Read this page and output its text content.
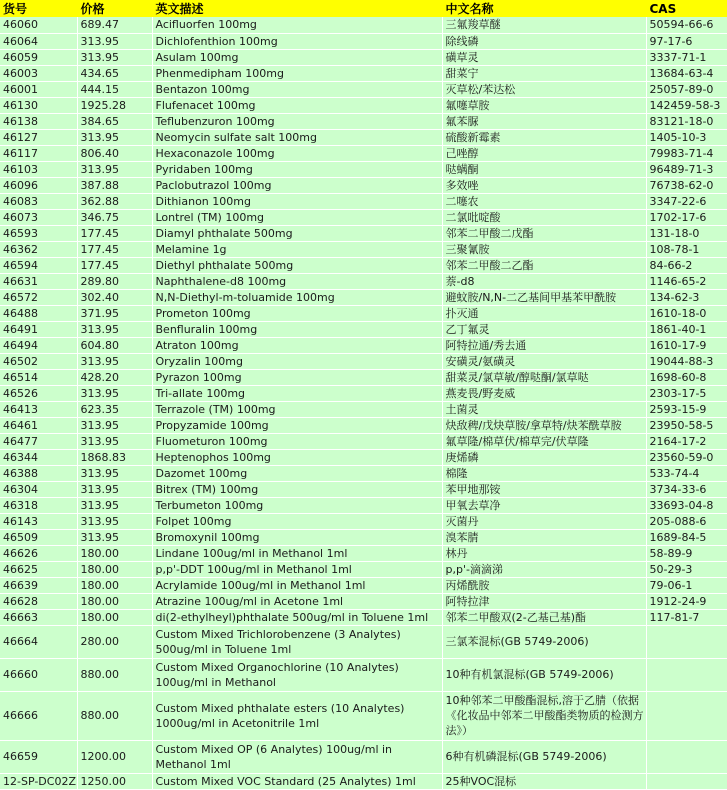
货号	价格	英文描述	中文名称	CAS
46060	689.47	Acifluorfen 100mg	三氟羧草醚	50594-66-6
46064	313.95	Dichlofenthion 100mg	除线磷	97-17-6
46059	313.95	Asulam 100mg	磺草灵	3337-71-1
46003	434.65	Phenmedipham 100mg	甜菜宁	13684-63-4
46001	444.15	Bentazon 100mg	灭草松/苯达松	25057-89-0
46130	1925.28	Flufenacet 100mg	氟噻草胺	142459-58-3
46138	384.65	Teflubenzuron 100mg	氟苯脲	83121-18-0
46127	313.95	Neomycin sulfate salt 100mg	硫酸新霉素	1405-10-3
46117	806.40	Hexaconazole 100mg	己唑醇	79983-71-4
46103	313.95	Pyridaben 100mg	哒螨酮	96489-71-3
46096	387.88	Paclobutrazol 100mg	多效唑	76738-62-0
46083	362.88	Dithianon 100mg	二噻农	3347-22-6
46073	346.75	Lontrel (TM) 100mg	二氯吡啶酸	1702-17-6
46593	177.45	Diamyl phthalate 500mg	邻苯二甲酸二戊酯	131-18-0
46362	177.45	Melamine 1g	三聚氰胺	108-78-1
46594	177.45	Diethyl phthalate 500mg	邻苯二甲酸二乙酯	84-66-2
46631	289.80	Naphthalene-d8 100mg	萘-d8	1146-65-2
46572	302.40	N,N-Diethyl-m-toluamide 100mg	避蚊胺/N,N-二乙基间甲基苯甲酰胺	134-62-3
46488	371.95	Prometon 100mg	扑灭通	1610-18-0
46491	313.95	Benfluralin 100mg	乙丁氟灵	1861-40-1
46494	604.80	Atraton 100mg	阿特拉通/秀去通	1610-17-9
46502	313.95	Oryzalin 100mg	安磺灵/氨磺灵	19044-88-3
46514	428.20	Pyrazon 100mg	甜菜灵/氯草敏/醇哒酮/氯草哒	1698-60-8
46526	313.95	Tri-allate 100mg	燕麦畏/野麦威	2303-17-5
46413	623.35	Terrazole (TM) 100mg	土菌灵	2593-15-9
46461	313.95	Propyzamide 100mg	炔敌稗/戊炔草胺/拿草特/炔苯酰草胺	23950-58-5
46477	313.95	Fluometuron 100mg	氟草隆/棉草伏/棉草完/伏草隆	2164-17-2
46344	1868.83	Heptenophos 100mg	庚烯磷	23560-59-0
46388	313.95	Dazomet 100mg	棉隆	533-74-4
46304	313.95	Bitrex (TM) 100mg	苯甲地那铵	3734-33-6
46318	313.95	Terbumeton 100mg	甲氧去草净	33693-04-8
46143	313.95	Folpet 100mg	灭菌丹	205-088-6
46509	313.95	Bromoxynil 100mg	溴苯腈	1689-84-5
46626	180.00	Lindane 100ug/ml in Methanol 1ml	林丹	58-89-9
46625	180.00	p,p'-DDT 100ug/ml in Methanol 1ml	p,p'-滴滴涕	50-29-3
46639	180.00	Acrylamide 100ug/ml in Methanol 1ml	丙烯酰胺	79-06-1
46628	180.00	Atrazine 100ug/ml in Acetone 1ml	阿特拉津	1912-24-9
46663	180.00	di(2-ethylheyl)phthalate 500ug/ml in Toluene 1ml	邻苯二甲酸双(2-乙基己基)酯	117-81-7
46664	280.00	Custom Mixed Trichlorobenzene (3 Analytes) 500ug/ml in Toluene 1ml	三氯苯混标(GB 5749-2006)	
46660	880.00	Custom Mixed Organochlorine (10 Analytes) 100ug/ml in Methanol	10种有机氯混标(GB 5749-2006)	
46666	880.00	Custom Mixed phthalate esters (10 Analytes) 1000ug/ml in Acetonitrile 1ml	10种邻苯二甲酸酯混标,溶于乙腈（依据《化妆品中邻苯二甲酸酯类物质的检测方法》）	
46659	1200.00	Custom Mixed OP (6 Analytes) 100ug/ml in Methanol 1ml	6种有机磷混标(GB 5749-2006)	
12-SP-DC02Z	1250.00	Custom Mixed VOC Standard (25 Analytes) 1ml	25种VOC混标	
